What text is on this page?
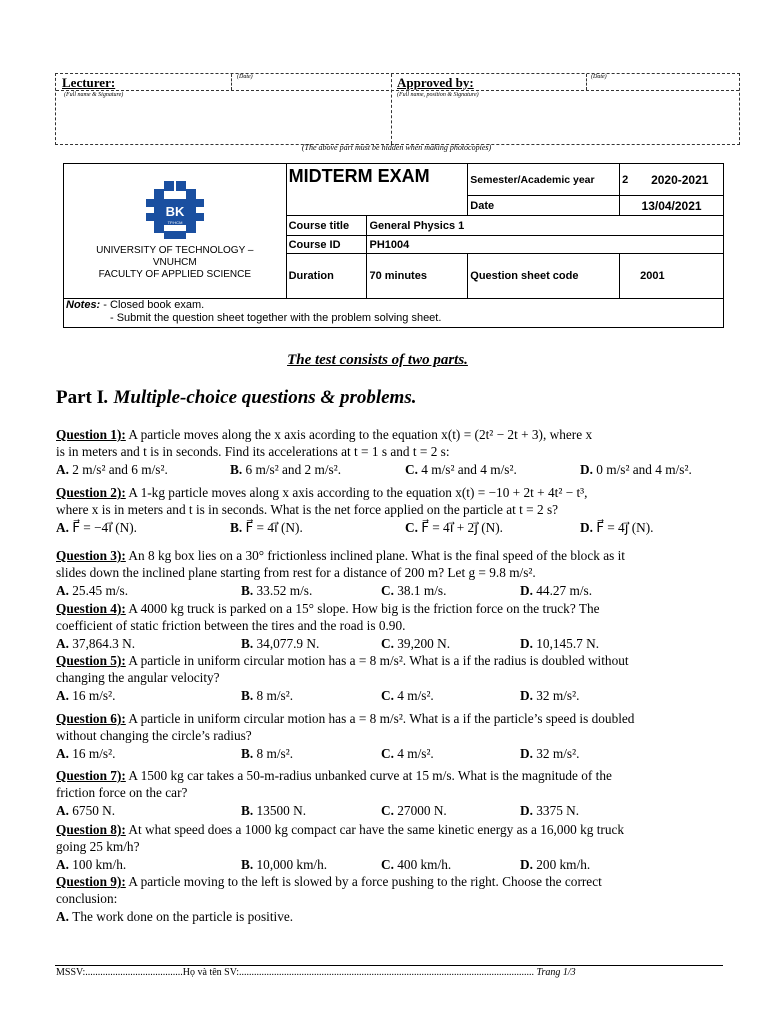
Lecturer:	(Date)	Approved by:	(Date)
(Full name & Signature)	(Full name, position & Signature)
(The above part must be hidden when making photocopies)
BK
TP.HCM
UNIVERSITY OF TECHNOLOGY – VNUHCM
FACULTY OF APPLIED SCIENCE	MIDTERM EXAM		Semester/Academic year	2	2020-2021
			Date	13/04/2021	
	Course title	General Physics 1			
	Course ID	PH1004			
	Duration	70 minutes	Question sheet code	2001	

Notes: - Closed book exam.
- Submit the question sheet together with the problem solving sheet.					
The test consists of two parts.
Part I. Multiple-choice questions & problems.
Question 1): A particle moves along the x axis acording to the equation x(t) = (2t² − 2t + 3), where x
is in meters and t is in seconds. Find its accelerations at t = 1 s and t = 2 s:
A. 2 m/s² and 6 m/s².	B. 6 m/s² and 2 m/s².	C. 4 m/s² and 4 m/s².	D. 0 m/s² and 4 m/s².
Question 2): A 1-kg particle moves along x axis according to the equation x(t) = −10 + 2t + 4t² − t³,
where x is in meters and t is in seconds. What is the net force applied on the particle at t = 2 s?
A. F⃗ = −4i⃗ (N).	B. F⃗ = 4i⃗ (N).	C. F⃗ = 4i⃗ + 2j⃗ (N).	D. F⃗ = 4j⃗ (N).
Question 3): An 8 kg box lies on a 30° frictionless inclined plane. What is the final speed of the block as it
slides down the inclined plane starting from rest for a distance of 200 m? Let g = 9.8 m/s².
A. 25.45 m/s.	B. 33.52 m/s.	C. 38.1 m/s.	D. 44.27 m/s.
Question 4): A 4000 kg truck is parked on a 15° slope. How big is the friction force on the truck? The
coefficient of static friction between the tires and the road is 0.90.
A. 37,864.3 N.	B. 34,077.9 N.	C. 39,200 N.	D. 10,145.7 N.
Question 5): A particle in uniform circular motion has a = 8 m/s². What is a if the radius is doubled without
changing the angular velocity?
A. 16 m/s².	B. 8 m/s².	C. 4 m/s².	D. 32 m/s².
Question 6): A particle in uniform circular motion has a = 8 m/s². What is a if the particle’s speed is doubled
without changing the circle’s radius?
A. 16 m/s².	B. 8 m/s².	C. 4 m/s².	D. 32 m/s².
Question 7): A 1500 kg car takes a 50-m-radius unbanked curve at 15 m/s. What is the magnitude of the
friction force on the car?
A. 6750 N.	B. 13500 N.	C. 27000 N.	D. 3375 N.
Question 8): At what speed does a 1000 kg compact car have the same kinetic energy as a 16,000 kg truck
going 25 km/h?
A. 100 km/h.	B. 10,000 km/h.	C. 400 km/h.	D. 200 km/h.
Question 9): A particle moving to the left is slowed by a force pushing to the right. Choose the correct
conclusion:
A. The work done on the particle is positive.
MSSV:.......................................Họ và tên SV:...................................................................................................................... Trang 1/3
